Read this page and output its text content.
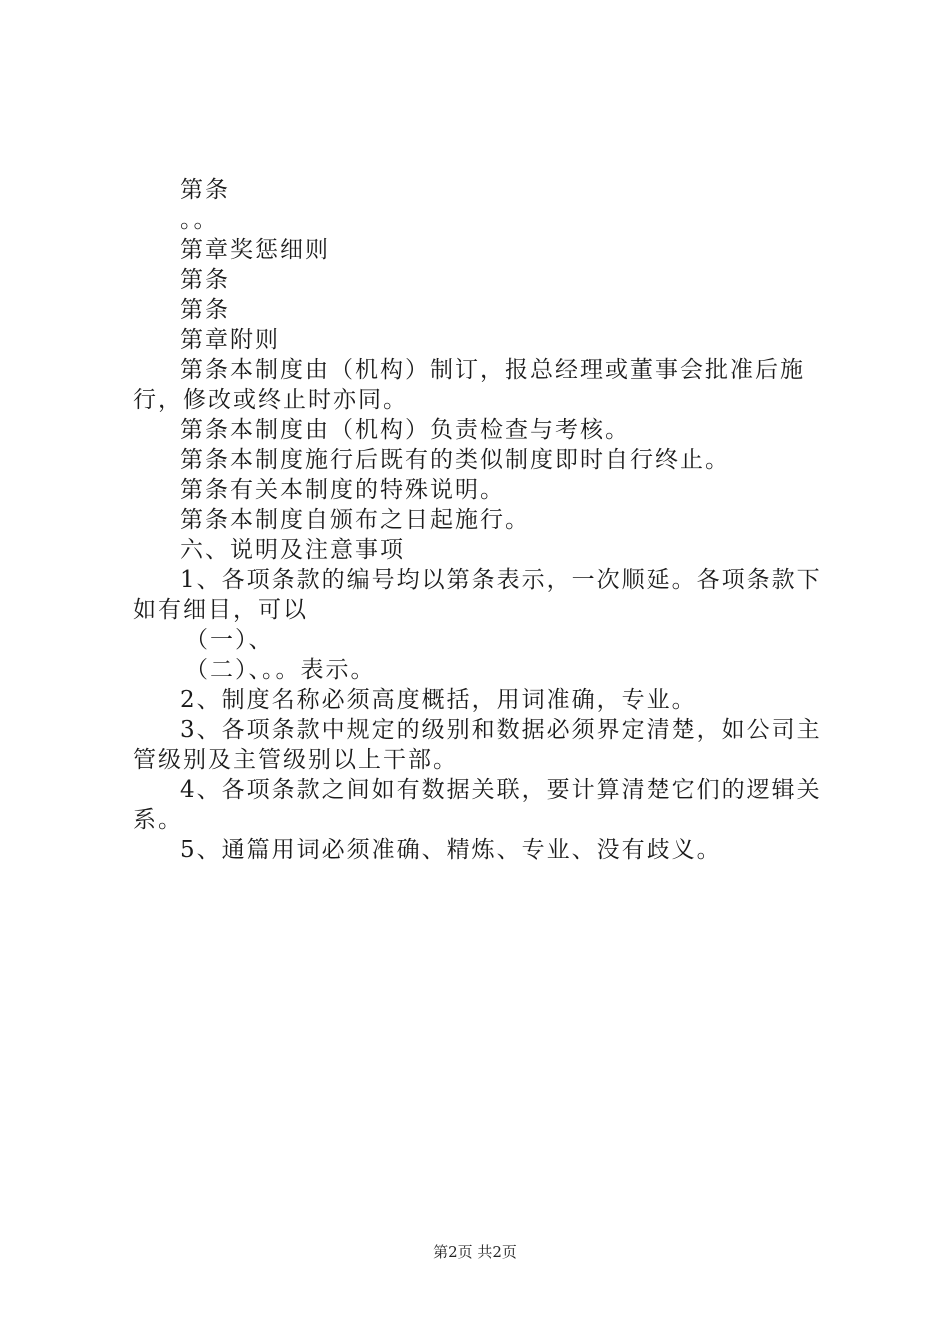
第条
。。
第章奖惩细则
第条
第条
第章附则
第条本制度由（机构）制订，报总经理或董事会批准后施
行，修改或终止时亦同。
第条本制度由（机构）负责检查与考核。
第条本制度施行后既有的类似制度即时自行终止。
第条有关本制度的特殊说明。
第条本制度自颁布之日起施行。
六、说明及注意事项
1、各项条款的编号均以第条表示，一次顺延。各项条款下
如有细目，可以
（一）、
（二）、。。表示。
2、制度名称必须高度概括，用词准确，专业。
3、各项条款中规定的级别和数据必须界定清楚，如公司主
管级别及主管级别以上干部。
4、各项条款之间如有数据关联，要计算清楚它们的逻辑关
系。
5、通篇用词必须准确、精炼、专业、没有歧义。
第2页 共2页
